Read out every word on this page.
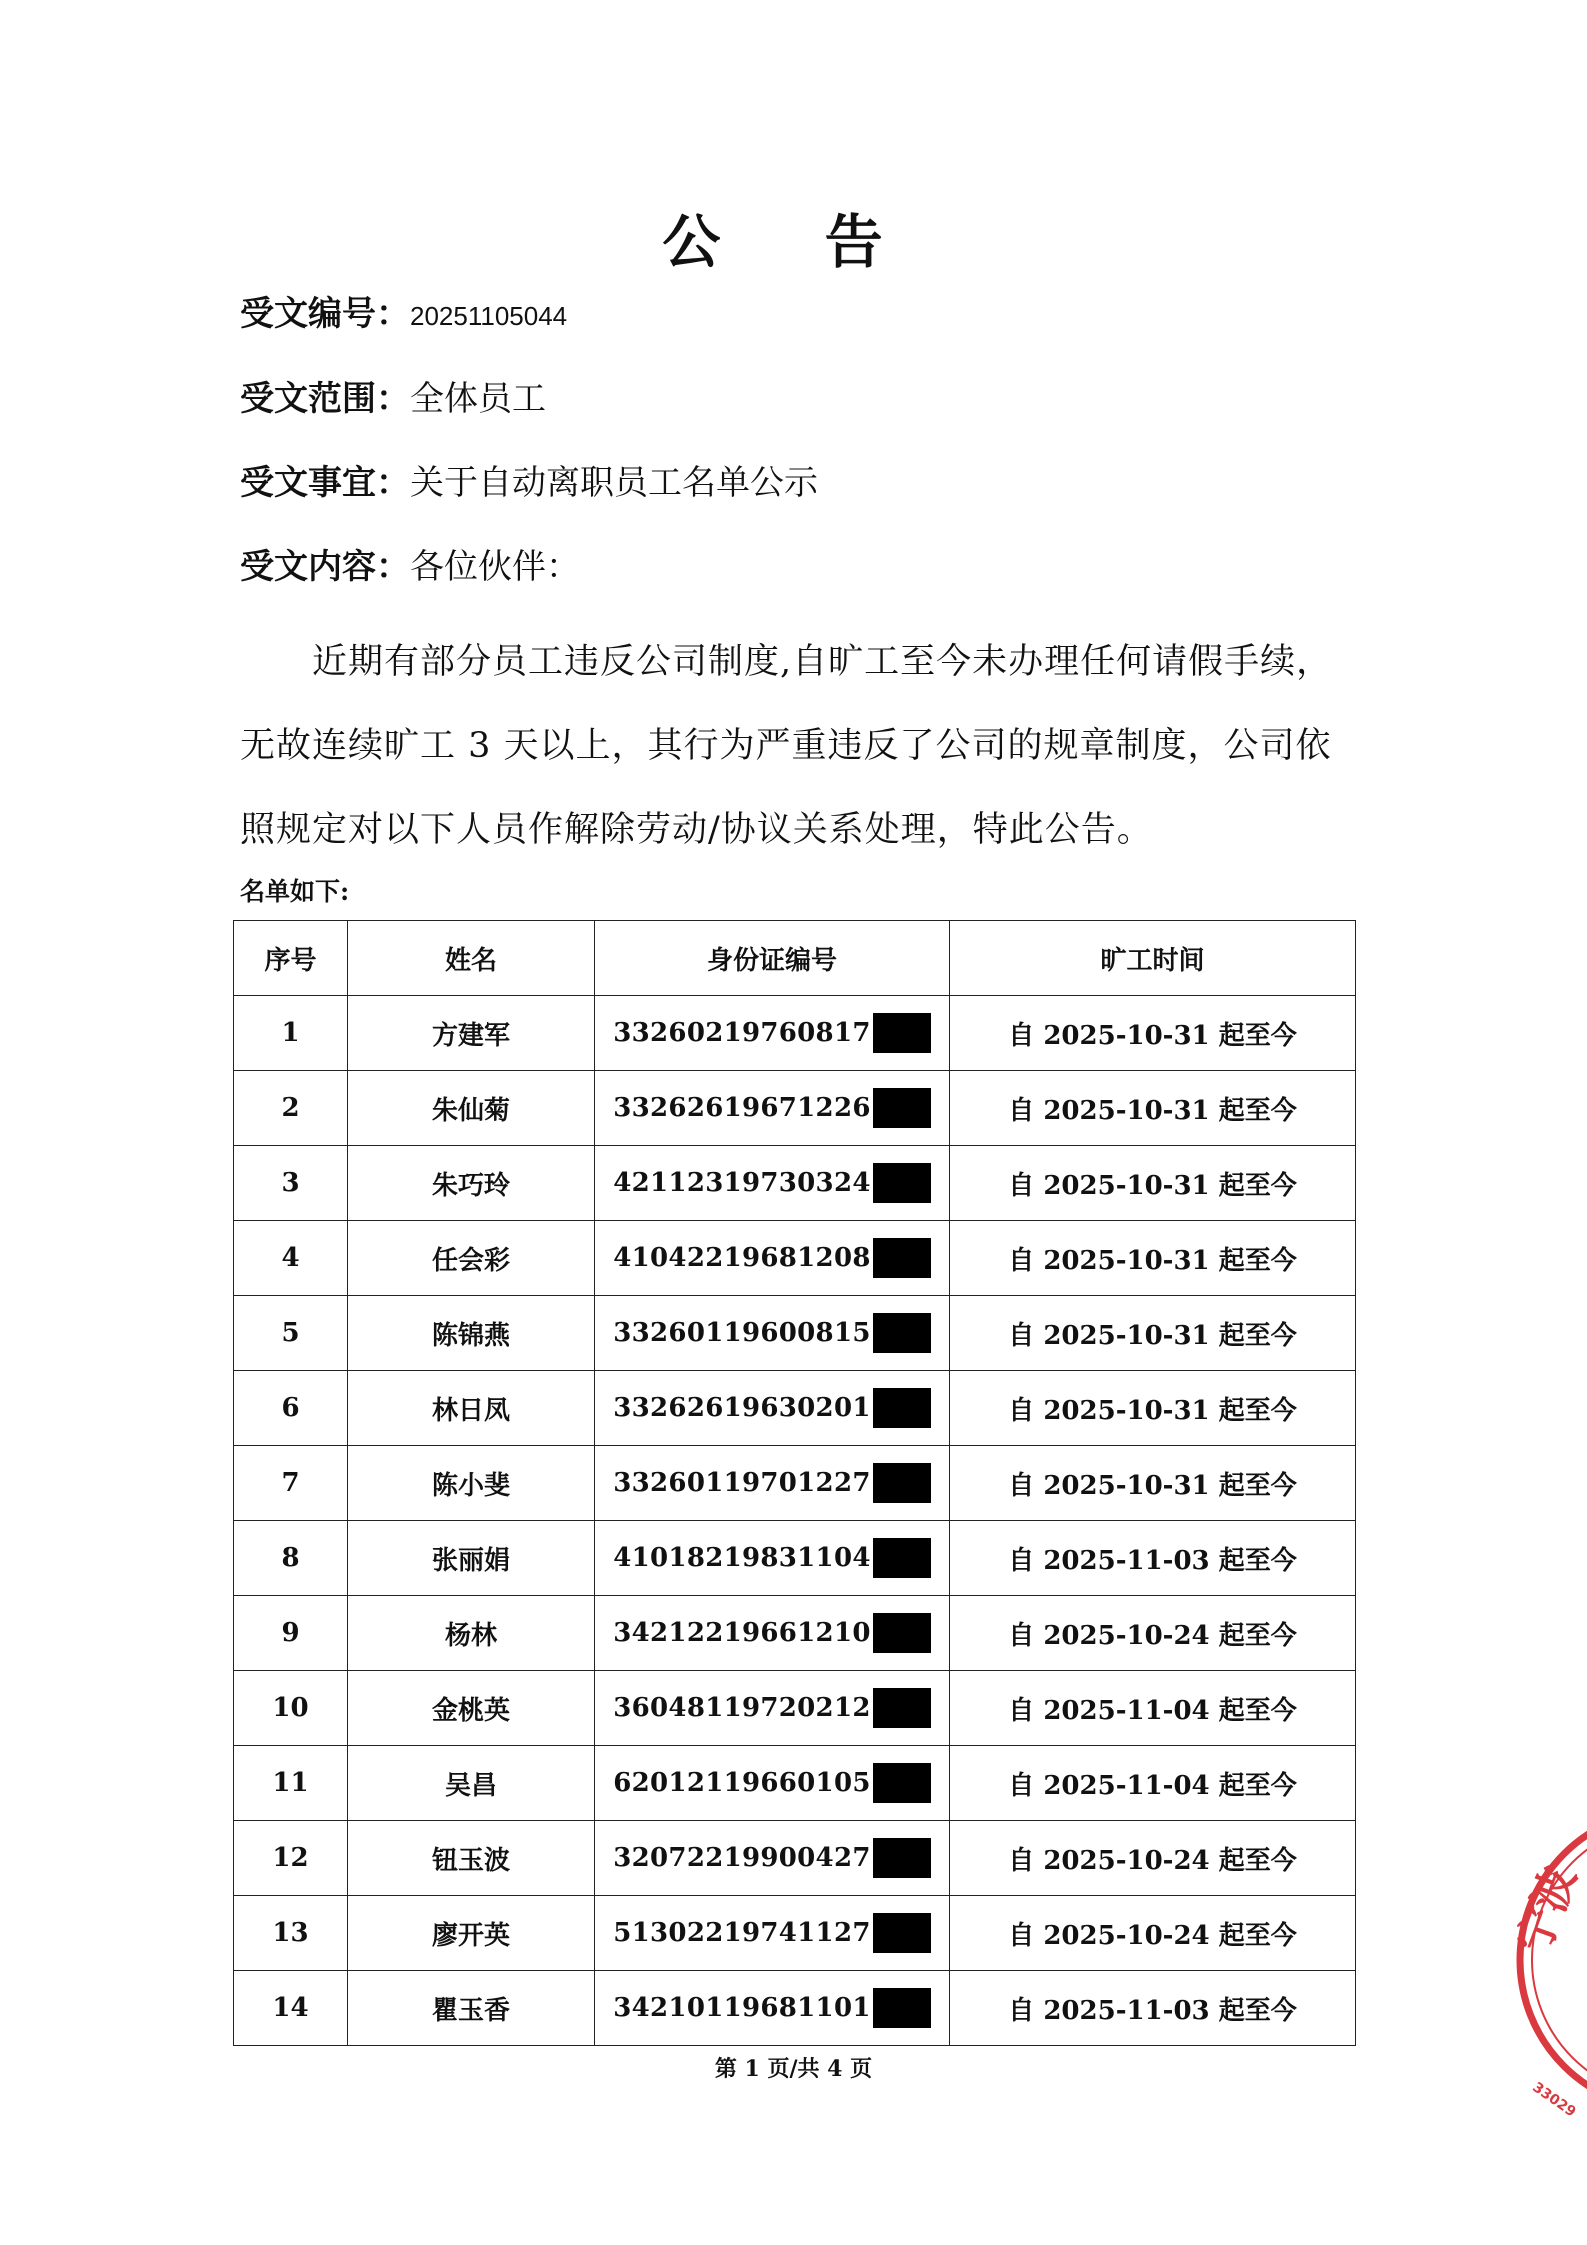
公 告
受文编号：20251105044
受文范围：全体员工
受文事宜：关于自动离职员工名单公示
受文内容：各位伙伴：
近期有部分员工违反公司制度,自旷工至今未办理任何请假手续，无故连续旷工 3 天以上，其行为严重违反了公司的规章制度，公司依照规定对以下人员作解除劳动/协议关系处理，特此公告。
名单如下:
序号	姓名	身份证编号	旷工时间
1	方建军	33260219760817	自 2025-10-31 起至今
2	朱仙菊	33262619671226	自 2025-10-31 起至今
3	朱巧玲	42112319730324	自 2025-10-31 起至今
4	任会彩	41042219681208	自 2025-10-31 起至今
5	陈锦燕	33260119600815	自 2025-10-31 起至今
6	林日凤	33262619630201	自 2025-10-31 起至今
7	陈小斐	33260119701227	自 2025-10-31 起至今
8	张丽娟	41018219831104	自 2025-11-03 起至今
9	杨林	34212219661210	自 2025-10-24 起至今
10	金桃英	36048119720212	自 2025-11-04 起至今
11	吴昌	62012119660105	自 2025-11-04 起至今
12	钮玉波	32072219900427	自 2025-10-24 起至今
13	廖开英	51302219741127	自 2025-10-24 起至今
14	瞿玉香	34210119681101	自 2025-11-03 起至今
第 1 页/共 4 页
宁波
33029
